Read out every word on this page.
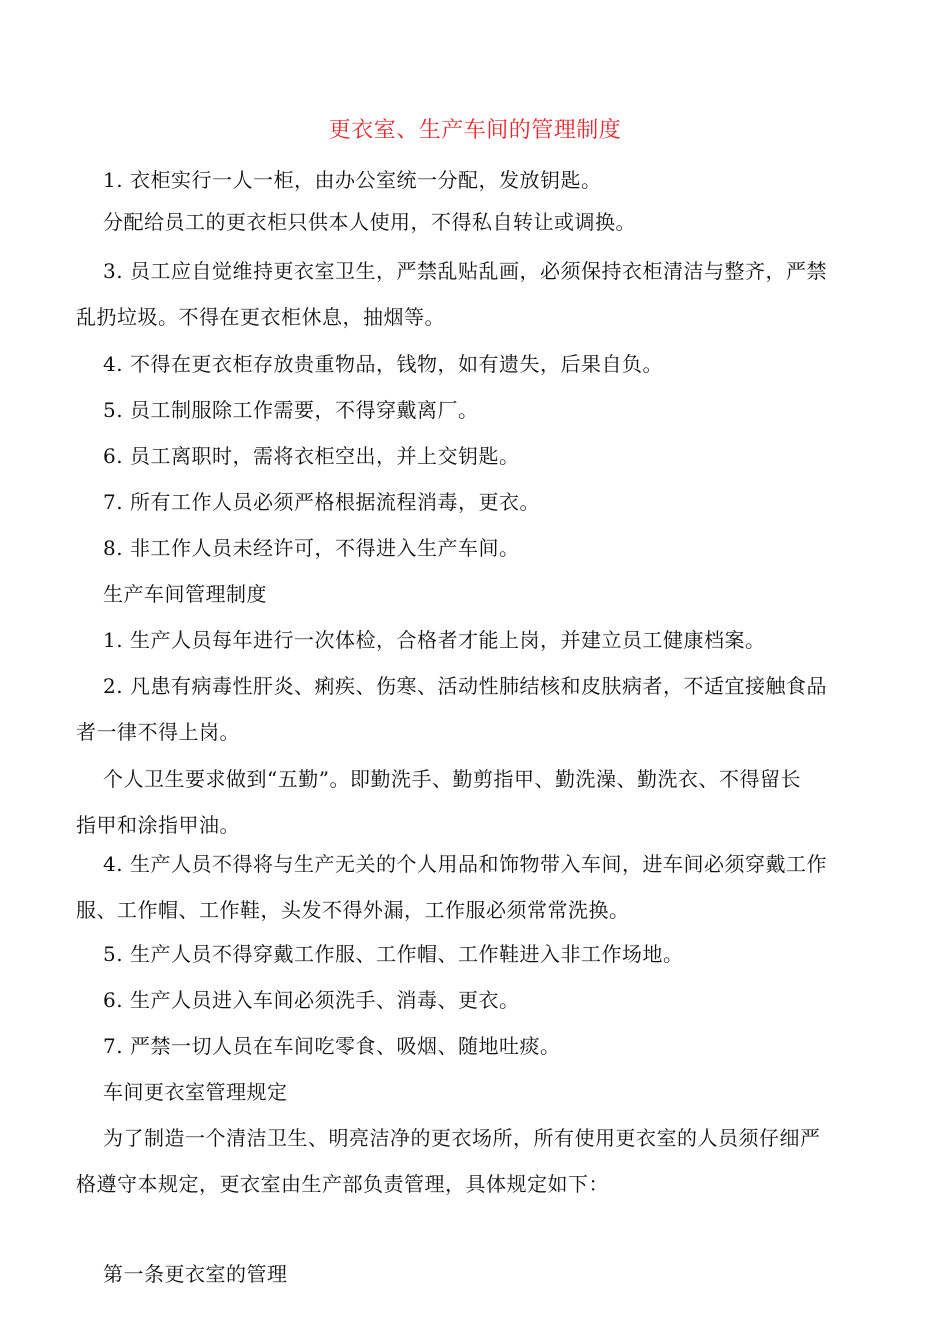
更衣室、生产车间的管理制度
1. 衣柜实行一人一柜，由办公室统一分配，发放钥匙。
分配给员工的更衣柜只供本人使用，不得私自转让或调换。
3. 员工应自觉维持更衣室卫生，严禁乱贴乱画，必须保持衣柜清洁与整齐，严禁
乱扔垃圾。不得在更衣柜休息，抽烟等。
4. 不得在更衣柜存放贵重物品，钱物，如有遗失，后果自负。
5. 员工制服除工作需要，不得穿戴离厂。
6. 员工离职时，需将衣柜空出，并上交钥匙。
7. 所有工作人员必须严格根据流程消毒，更衣。
8. 非工作人员未经许可，不得进入生产车间。
生产车间管理制度
1. 生产人员每年进行一次体检，合格者才能上岗，并建立员工健康档案。
2. 凡患有病毒性肝炎、痢疾、伤寒、活动性肺结核和皮肤病者，不适宜接触食品
者一律不得上岗。
个人卫生要求做到“五勤”。即勤洗手、勤剪指甲、勤洗澡、勤洗衣、不得留长
指甲和涂指甲油。
4. 生产人员不得将与生产无关的个人用品和饰物带入车间，进车间必须穿戴工作
服、工作帽、工作鞋，头发不得外漏，工作服必须常常洗换。
5. 生产人员不得穿戴工作服、工作帽、工作鞋进入非工作场地。
6. 生产人员进入车间必须洗手、消毒、更衣。
7. 严禁一切人员在车间吃零食、吸烟、随地吐痰。
车间更衣室管理规定
为了制造一个清洁卫生、明亮洁净的更衣场所，所有使用更衣室的人员须仔细严
格遵守本规定，更衣室由生产部负责管理，具体规定如下：
第一条更衣室的管理
